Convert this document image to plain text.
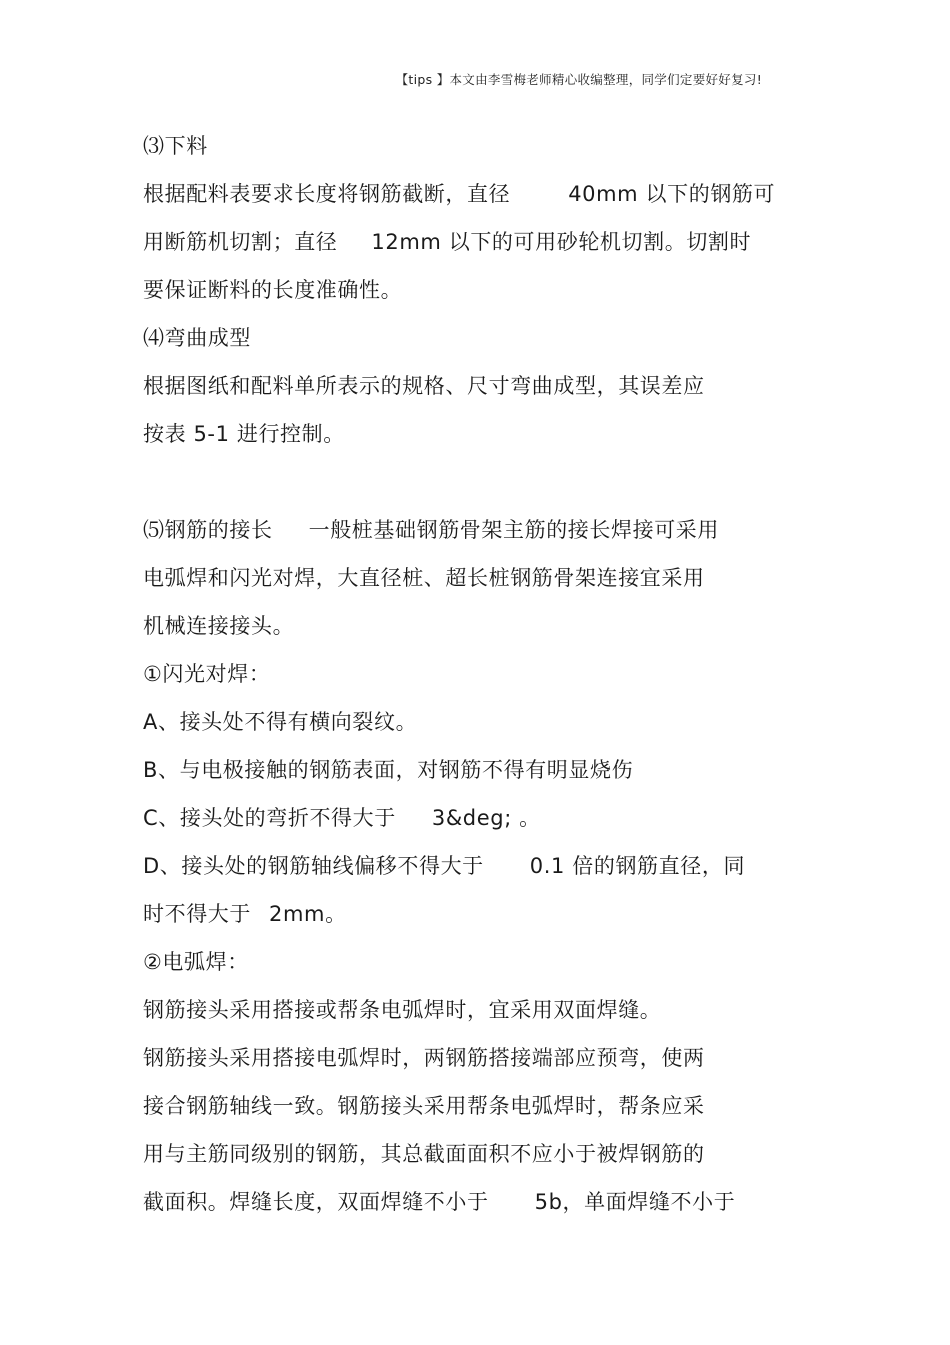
【tips 】本文由李雪梅老师精心收编整理，同学们定要好好复习!
⑶下料
根据配料表要求长度将钢筋截断，直径	40mm 以下的钢筋可
用断筋机切割；直径 12mm 以下的可用砂轮机切割。切割时
要保证断料的长度准确性。
⑷弯曲成型
根据图纸和配料单所表示的规格、尺寸弯曲成型，其误差应
按表 5-1 进行控制。
⑸钢筋的接长 一般桩基础钢筋骨架主筋的接长焊接可采用
电弧焊和闪光对焊，大直径桩、超长桩钢筋骨架连接宜采用
机械连接接头。
①闪光对焊：
A、接头处不得有横向裂纹。
B、与电极接触的钢筋表面，对钢筋不得有明显烧伤
C、接头处的弯折不得大于 3&deg; 。
D、接头处的钢筋轴线偏移不得大于 0.1 倍的钢筋直径，同
时不得大于 2mm。
②电弧焊：
钢筋接头采用搭接或帮条电弧焊时，宜采用双面焊缝。
钢筋接头采用搭接电弧焊时，两钢筋搭接端部应预弯，使两
接合钢筋轴线一致。钢筋接头采用帮条电弧焊时，帮条应采
用与主筋同级别的钢筋，其总截面面积不应小于被焊钢筋的
截面积。焊缝长度，双面焊缝不小于 5b，单面焊缝不小于
